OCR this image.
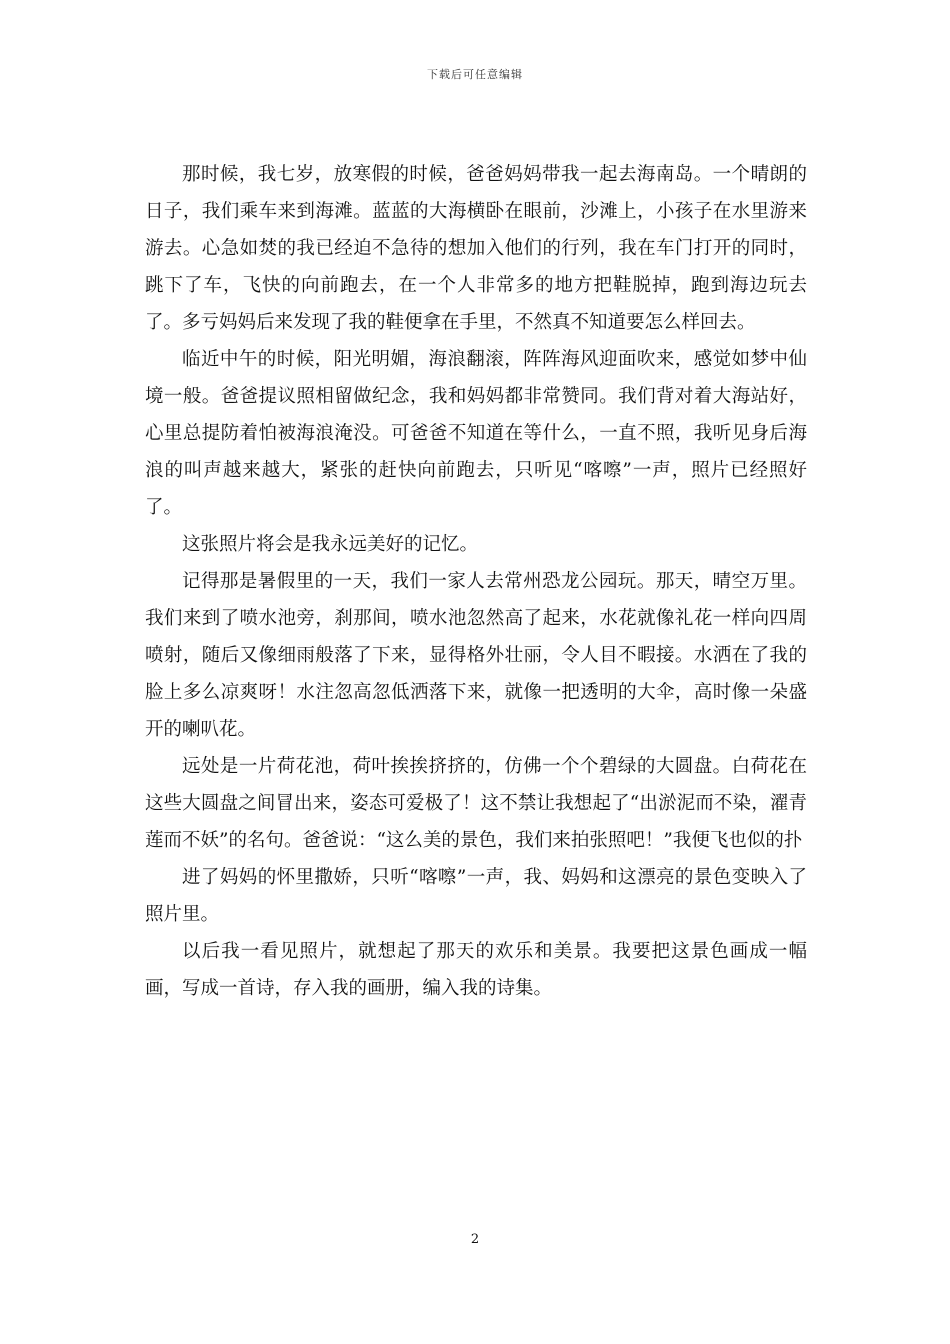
下载后可任意编辑

那时候，我七岁，放寒假的时候，爸爸妈妈带我一起去海南岛。一个晴朗的日子，我们乘车来到海滩。蓝蓝的大海横卧在眼前，沙滩上，小孩子在水里游来游去。心急如焚的我已经迫不急待的想加入他们的行列，我在车门打开的同时，跳下了车，飞快的向前跑去，在一个人非常多的地方把鞋脱掉，跑到海边玩去了。多亏妈妈后来发现了我的鞋便拿在手里，不然真不知道要怎么样回去。

临近中午的时候，阳光明媚，海浪翻滚，阵阵海风迎面吹来，感觉如梦中仙境一般。爸爸提议照相留做纪念，我和妈妈都非常赞同。我们背对着大海站好，心里总提防着怕被海浪淹没。可爸爸不知道在等什么，一直不照，我听见身后海浪的叫声越来越大，紧张的赶快向前跑去，只听见“喀嚓”一声，照片已经照好了。

这张照片将会是我永远美好的记忆。

记得那是暑假里的一天，我们一家人去常州恐龙公园玩。那天，晴空万里。我们来到了喷水池旁，刹那间，喷水池忽然高了起来，水花就像礼花一样向四周喷射，随后又像细雨般落了下来，显得格外壮丽，令人目不暇接。水洒在了我的脸上多么凉爽呀！水注忽高忽低洒落下来，就像一把透明的大伞，高时像一朵盛开的喇叭花。

远处是一片荷花池，荷叶挨挨挤挤的，仿佛一个个碧绿的大圆盘。白荷花在这些大圆盘之间冒出来，姿态可爱极了！这不禁让我想起了“出淤泥而不染，濯青莲而不妖”的名句。爸爸说：“这么美的景色，我们来拍张照吧！”我便飞也似的扑

进了妈妈的怀里撒娇，只听“喀嚓”一声，我、妈妈和这漂亮的景色变映入了照片里。

以后我一看见照片，就想起了那天的欢乐和美景。我要把这景色画成一幅画，写成一首诗，存入我的画册，编入我的诗集。

2
